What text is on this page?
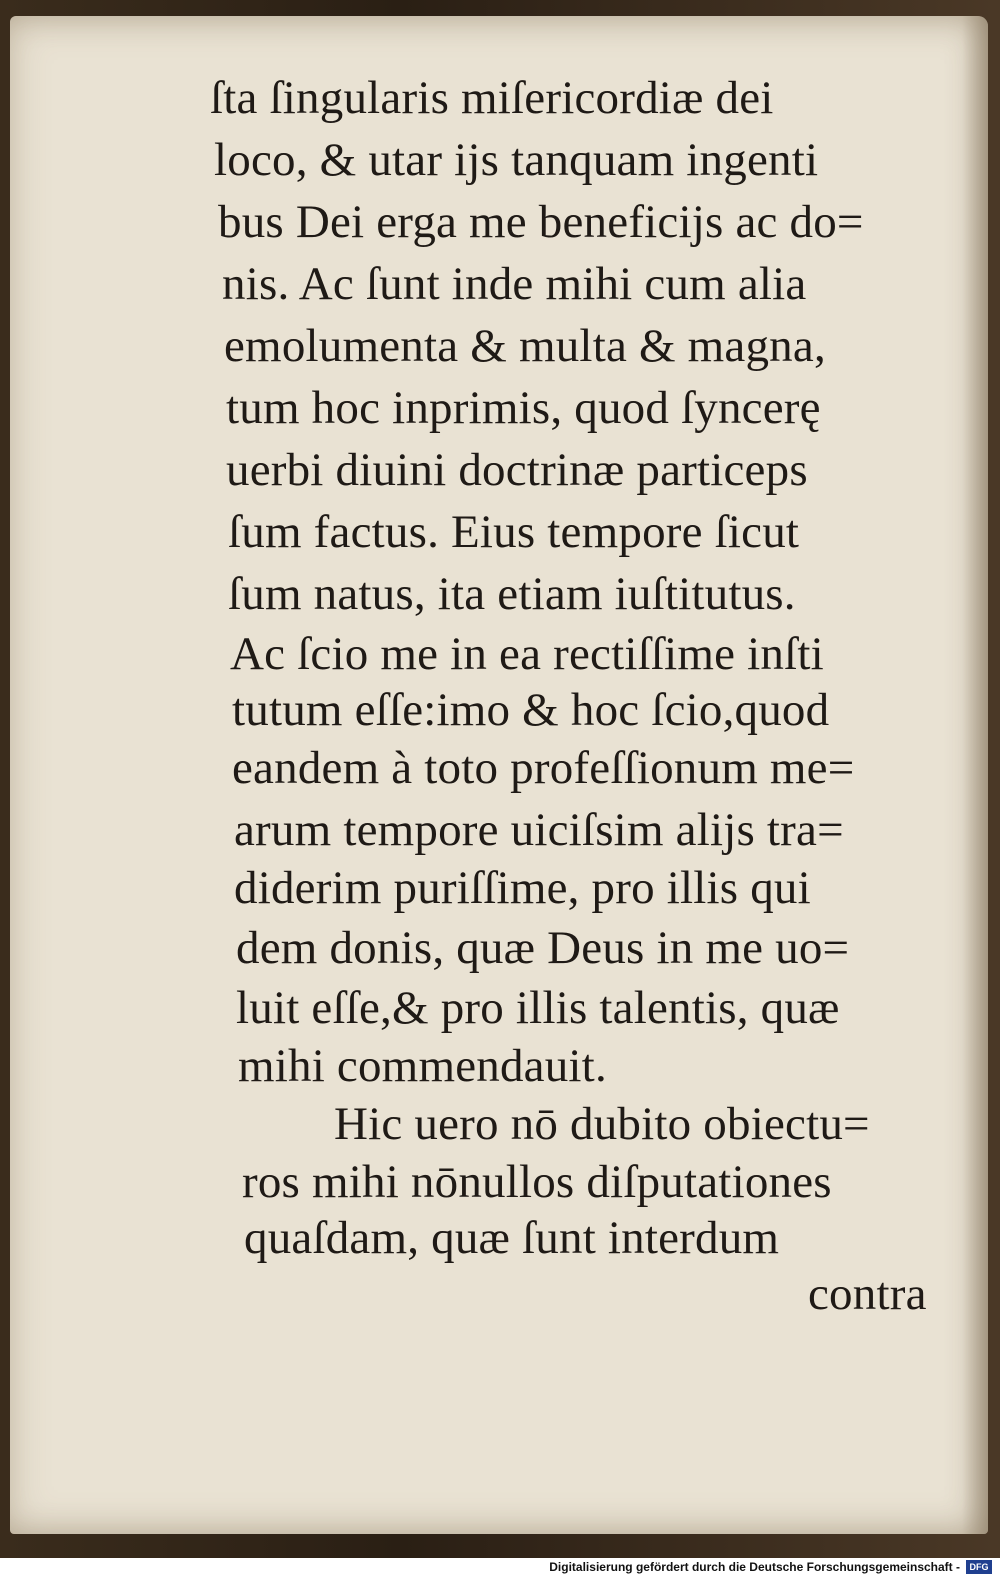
ſta ſingularis miſericordiæ dei
loco, & utar ijs tanquam ingenti
bus Dei erga me beneficijs ac do=
nis. Ac ſunt inde mihi cum alia
emolumenta & multa & magna,
tum hoc inprimis, quod ſyncerę
uerbi diuini doctrinæ particeps
ſum factus. Eius tempore ſicut
ſum natus, ita etiam iuſtitutus.
Ac ſcio me in ea rectiſſime inſti
tutum eſſe:imo & hoc ſcio,quod
eandem à toto profeſſionum me=
arum tempore uiciſsim alijs tra=
diderim puriſſime, pro illis qui
dem donis, quæ Deus in me uo=
luit eſſe,& pro illis talentis, quæ
mihi commendauit.
Hic uero nō dubito obiectu=
ros mihi nōnullos diſputationes
quaſdam, quæ ſunt interdum
contra
Digitalisierung gefördert durch die Deutsche Forschungsgemeinschaft -	DFG
